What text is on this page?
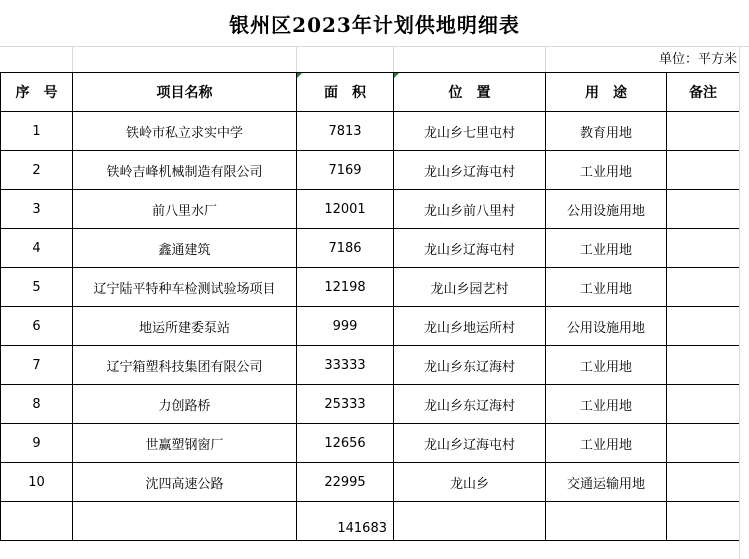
银州区2023年计划供地明细表
单位：平方米
序　号	项目名称	面　积	位　置	用　途	备注
1	铁岭市私立求实中学	7813	龙山乡七里屯村	教育用地	
2	铁岭吉峰机械制造有限公司	7169	龙山乡辽海屯村	工业用地	
3	前八里水厂	12001	龙山乡前八里村	公用设施用地	
4	鑫通建筑	7186	龙山乡辽海屯村	工业用地	
5	辽宁陆平特种车检测试验场项目	12198	龙山乡园艺村	工业用地	
6	地运所建委泵站	999	龙山乡地运所村	公用设施用地	
7	辽宁箱塑科技集团有限公司	33333	龙山乡东辽海村	工业用地	
8	力创路桥	25333	龙山乡东辽海村	工业用地	
9	世赢塑钢窗厂	12656	龙山乡辽海屯村	工业用地	
10	沈四高速公路	22995	龙山乡	交通运输用地	

		141683			
